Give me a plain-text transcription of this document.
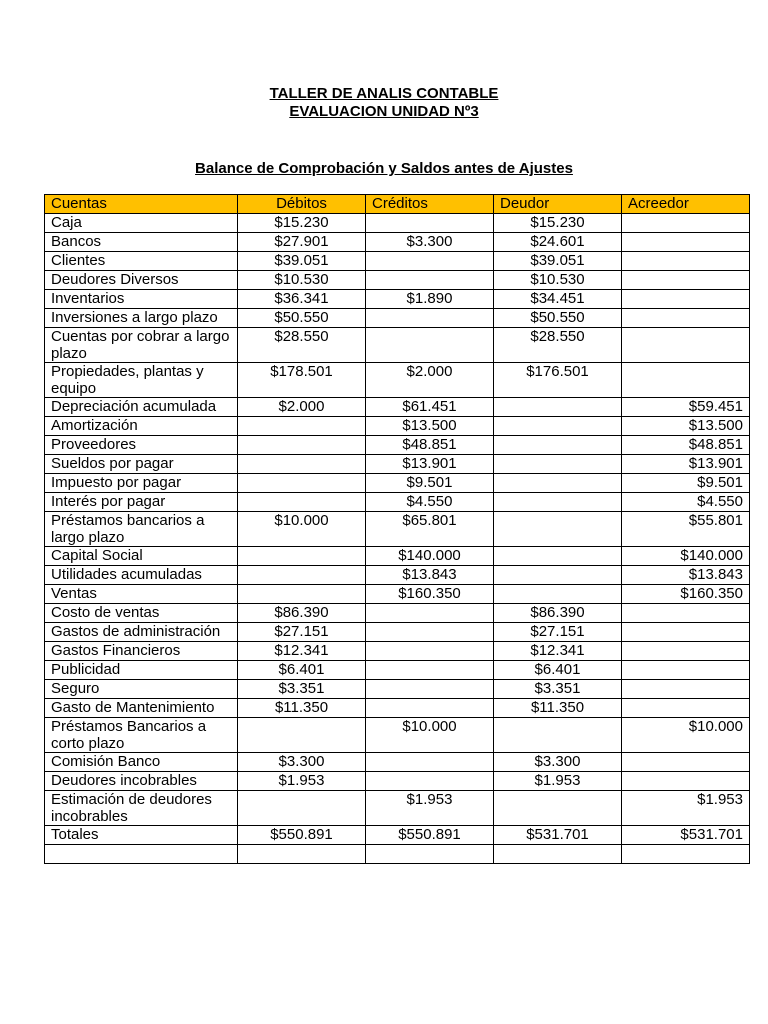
TALLER DE ANALIS CONTABLE
EVALUACION UNIDAD Nº3
Balance de Comprobación y Saldos antes de Ajustes
Cuentas	Débitos	Créditos	Deudor	Acreedor
Caja	$15.230		$15.230	
Bancos	$27.901	$3.300	$24.601	
Clientes	$39.051		$39.051	
Deudores Diversos	$10.530		$10.530	
Inventarios	$36.341	$1.890	$34.451	
Inversiones a largo plazo	$50.550		$50.550	
Cuentas por cobrar a largo plazo	$28.550		$28.550	
Propiedades, plantas y equipo	$178.501	$2.000	$176.501	
Depreciación acumulada	$2.000	$61.451		$59.451
Amortización		$13.500		$13.500
Proveedores		$48.851		$48.851
Sueldos por pagar		$13.901		$13.901
Impuesto por pagar		$9.501		$9.501
Interés por pagar		$4.550		$4.550
Préstamos bancarios a largo plazo	$10.000	$65.801		$55.801
Capital Social		$140.000		$140.000
Utilidades acumuladas		$13.843		$13.843
Ventas		$160.350		$160.350
Costo de ventas	$86.390		$86.390	
Gastos de administración	$27.151		$27.151	
Gastos Financieros	$12.341		$12.341	
Publicidad	$6.401		$6.401	
Seguro	$3.351		$3.351	
Gasto de Mantenimiento	$11.350		$11.350	
Préstamos Bancarios a corto plazo		$10.000		$10.000
Comisión Banco	$3.300		$3.300	
Deudores incobrables	$1.953		$1.953	
Estimación de deudores incobrables		$1.953		$1.953
Totales	$550.891	$550.891	$531.701	$531.701
